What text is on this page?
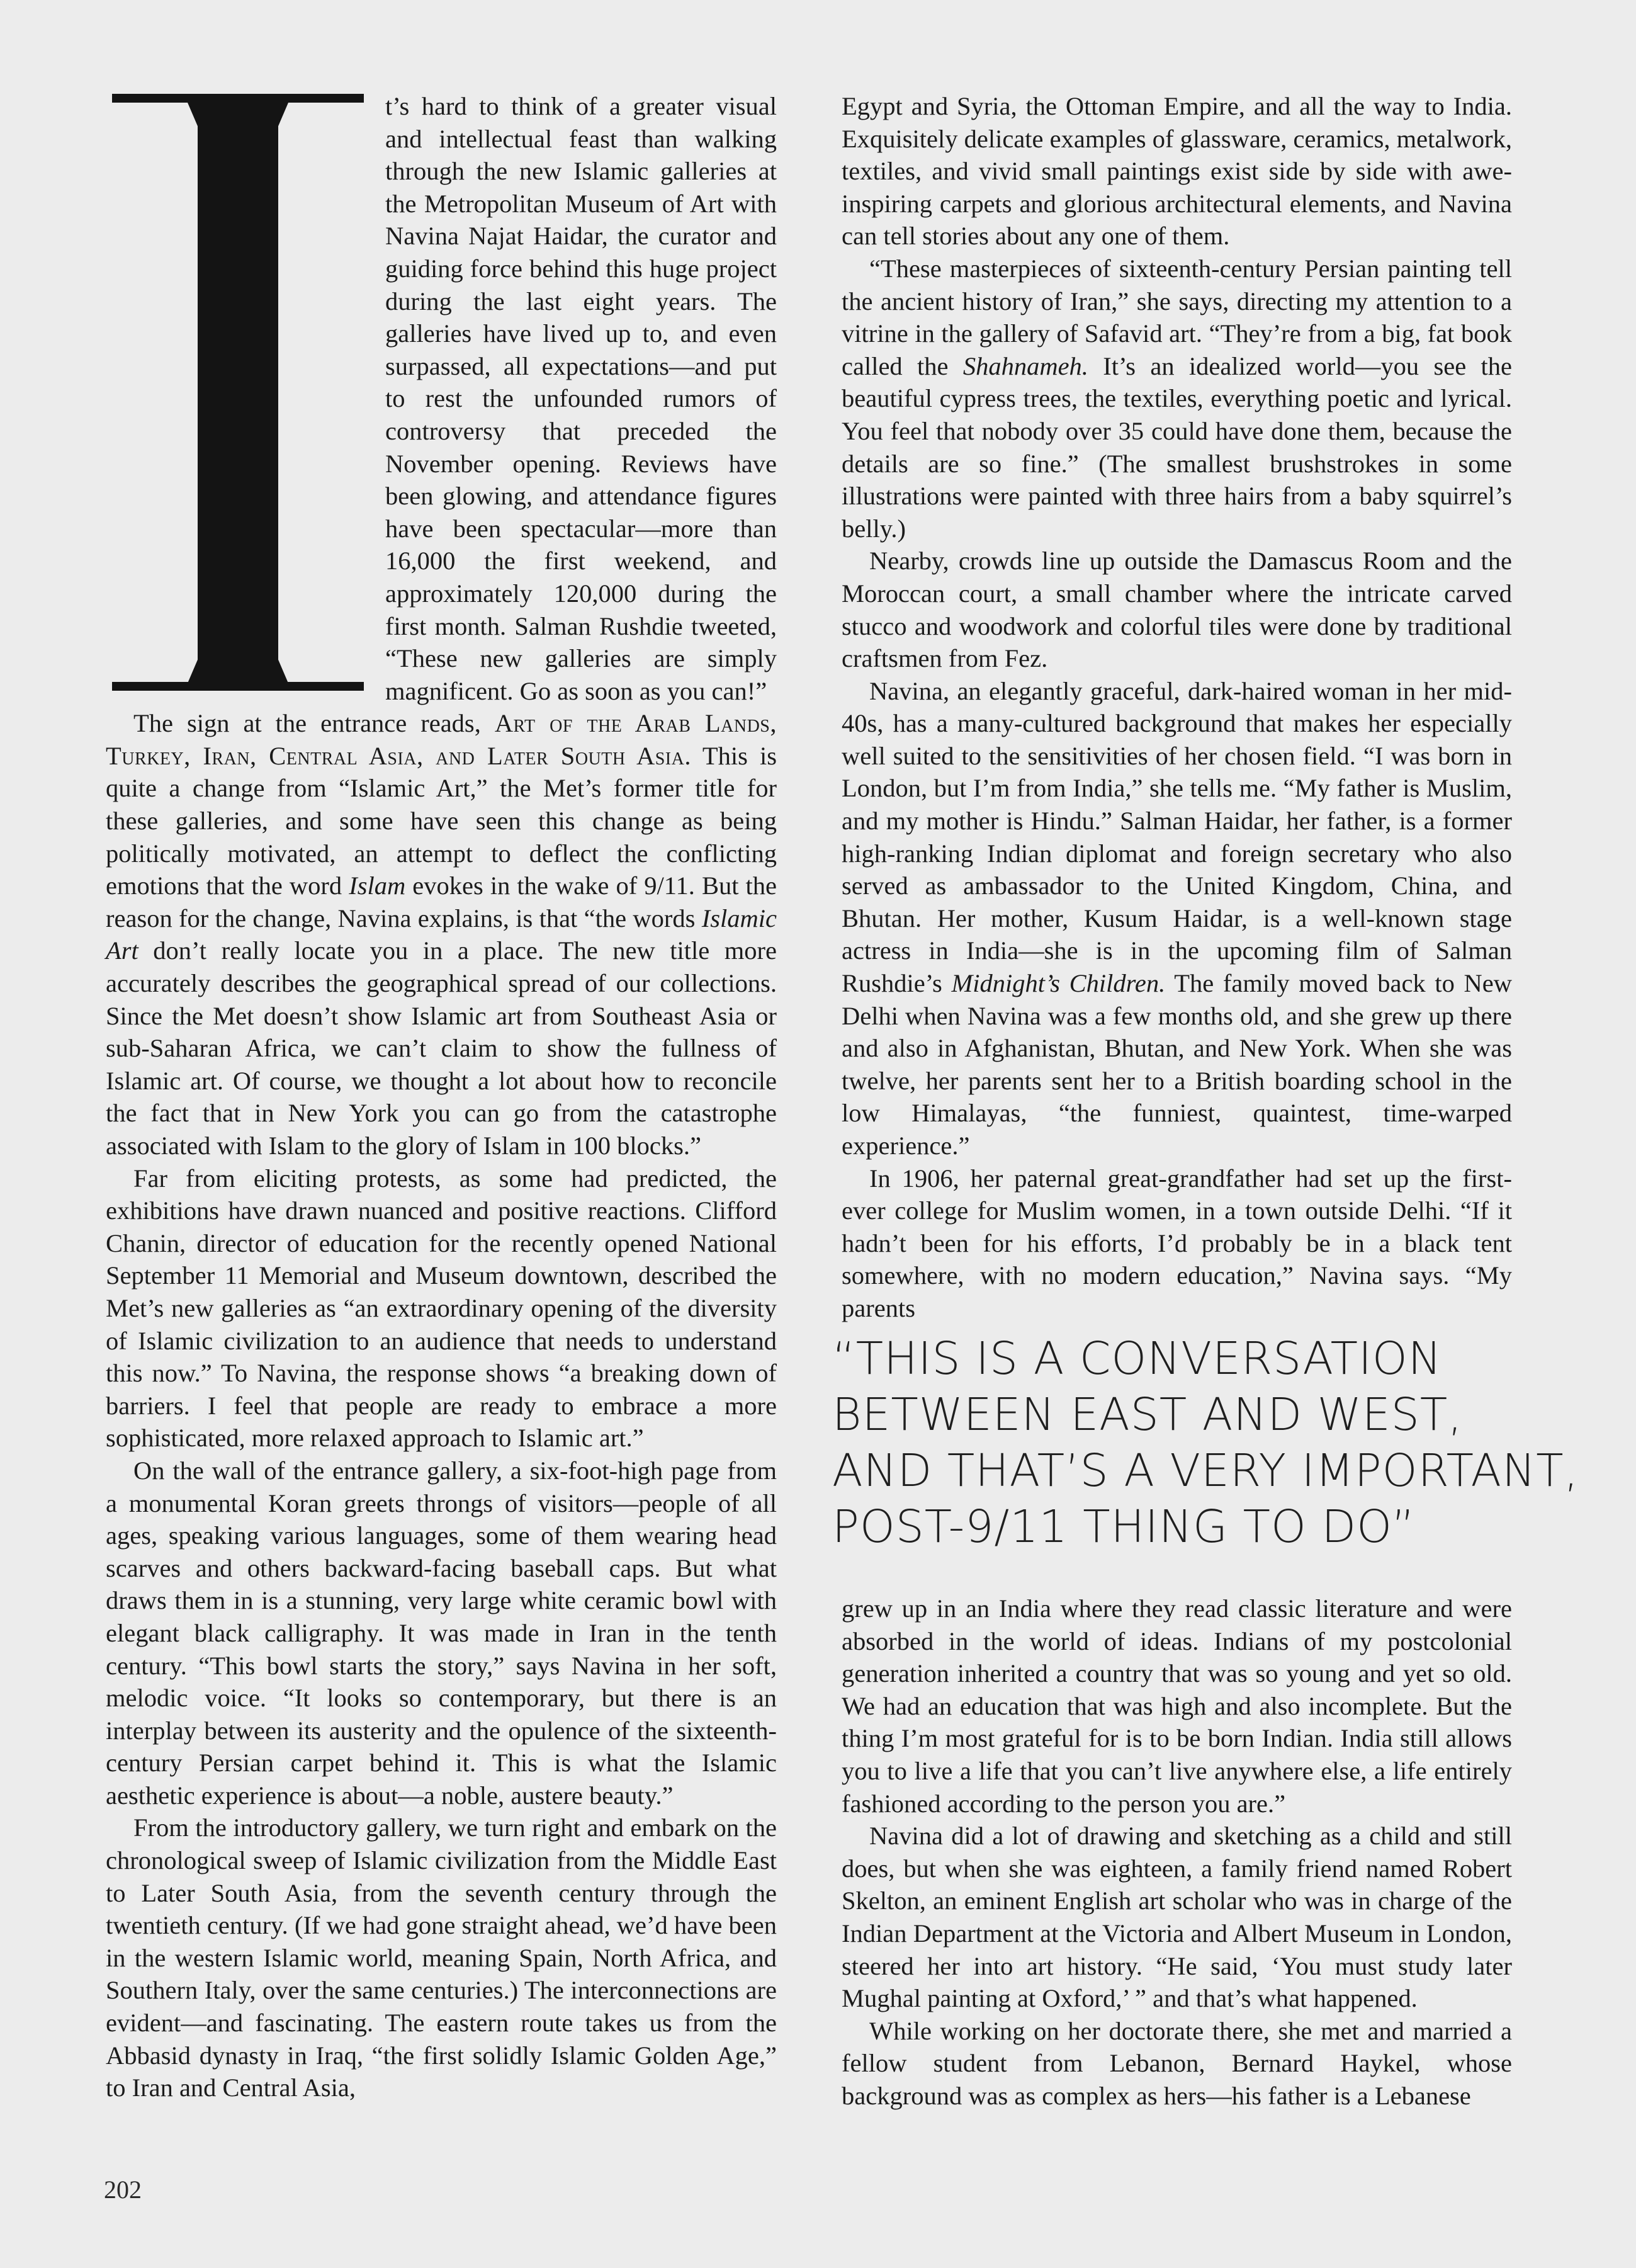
t’s hard to think of a greater visual and intellectual feast than walking through the new Islamic galleries at the Metropolitan Museum of Art with Navina Najat Haidar, the curator and guiding force behind this huge project during the last eight years. The galleries have lived up to, and even surpassed, all expectations—and put to rest the unfounded rumors of controversy that preceded the November opening. Reviews have been glowing, and attendance figures have been spectacular—more than 16,000 the first weekend, and approximately 120,000 during the first month. Salman Rushdie tweeted, “These new galleries are simply magnificent. Go as soon as you can!”

The sign at the entrance reads, Art of the Arab Lands, Turkey, Iran, Central Asia, and Later South Asia. This is quite a change from “Islamic Art,” the Met’s former title for these galleries, and some have seen this change as being politically motivated, an attempt to deflect the conflicting emotions that the word Islam evokes in the wake of 9/11. But the reason for the change, Navina explains, is that “the words Islamic Art don’t really locate you in a place. The new title more accurately describes the geographical spread of our collections. Since the Met doesn’t show Islamic art from Southeast Asia or sub-Saharan Africa, we can’t claim to show the fullness of Islamic art. Of course, we thought a lot about how to reconcile the fact that in New York you can go from the catastrophe associated with Islam to the glory of Islam in 100 blocks.”

Far from eliciting protests, as some had predicted, the exhibitions have drawn nuanced and positive reactions. Clifford Chanin, director of education for the recently opened National September 11 Memorial and Museum downtown, described the Met’s new galleries as “an extraordinary opening of the diversity of Islamic civilization to an audience that needs to understand this now.” To Navina, the response shows “a breaking down of barriers. I feel that people are ready to embrace a more sophisticated, more relaxed approach to Islamic art.”

On the wall of the entrance gallery, a six-foot-high page from a monumental Koran greets throngs of visitors—people of all ages, speaking various languages, some of them wearing head scarves and others backward-facing baseball caps. But what draws them in is a stunning, very large white ceramic bowl with elegant black calligraphy. It was made in Iran in the tenth century. “This bowl starts the story,” says Navina in her soft, melodic voice. “It looks so contemporary, but there is an interplay between its austerity and the opulence of the sixteenth-century Persian carpet behind it. This is what the Islamic aesthetic experience is about—a noble, austere beauty.”

From the introductory gallery, we turn right and embark on the chronological sweep of Islamic civilization from the Middle East to Later South Asia, from the seventh century through the twentieth century. (If we had gone straight ahead, we’d have been in the western Islamic world, meaning Spain, North Africa, and Southern Italy, over the same centuries.) The interconnections are evident—and fascinating. The eastern route takes us from the Abbasid dynasty in Iraq, “the first solidly Islamic Golden Age,” to Iran and Central Asia,

Egypt and Syria, the Ottoman Empire, and all the way to India. Exquisitely delicate examples of glassware, ceramics, metalwork, textiles, and vivid small paintings exist side by side with awe-inspiring carpets and glorious architectural elements, and Navina can tell stories about any one of them.

“These masterpieces of sixteenth-century Persian painting tell the ancient history of Iran,” she says, directing my attention to a vitrine in the gallery of Safavid art. “They’re from a big, fat book called the Shahnameh. It’s an idealized world—you see the beautiful cypress trees, the textiles, everything poetic and lyrical. You feel that nobody over 35 could have done them, because the details are so fine.” (The smallest brushstrokes in some illustrations were painted with three hairs from a baby squirrel’s belly.)

Nearby, crowds line up outside the Damascus Room and the Moroccan court, a small chamber where the intricate carved stucco and woodwork and colorful tiles were done by traditional craftsmen from Fez.

Navina, an elegantly graceful, dark-haired woman in her mid-40s, has a many-cultured background that makes her especially well suited to the sensitivities of her chosen field. “I was born in London, but I’m from India,” she tells me. “My father is Muslim, and my mother is Hindu.” Salman Haidar, her father, is a former high-ranking Indian diplomat and foreign secretary who also served as ambassador to the United Kingdom, China, and Bhutan. Her mother, Kusum Haidar, is a well-known stage actress in India—she is in the upcoming film of Salman Rushdie’s Midnight’s Children. The family moved back to New Delhi when Navina was a few months old, and she grew up there and also in Afghanistan, Bhutan, and New York. When she was twelve, her parents sent her to a British boarding school in the low Himalayas, “the funniest, quaintest, time-warped experience.”

In 1906, her paternal great-grandfather had set up the first-ever college for Muslim women, in a town outside Delhi. “If it hadn’t been for his efforts, I’d probably be in a black tent somewhere, with no modern education,” Navina says. “My parents

“THIS IS A CONVERSATION
BETWEEN EAST AND WEST,
AND THAT’S A VERY IMPORTANT,
POST-9/11 THING TO DO”

grew up in an India where they read classic literature and were absorbed in the world of ideas. Indians of my postcolonial generation inherited a country that was so young and yet so old. We had an education that was high and also incomplete. But the thing I’m most grateful for is to be born Indian. India still allows you to live a life that you can’t live anywhere else, a life entirely fashioned according to the person you are.”

Navina did a lot of drawing and sketching as a child and still does, but when she was eighteen, a family friend named Robert Skelton, an eminent English art scholar who was in charge of the Indian Department at the Victoria and Albert Museum in London, steered her into art history. “He said, ‘You must study later Mughal painting at Oxford,’ ” and that’s what happened.

While working on her doctorate there, she met and married a fellow student from Lebanon, Bernard Haykel, whose background was as complex as hers—his father is a Lebanese

202
